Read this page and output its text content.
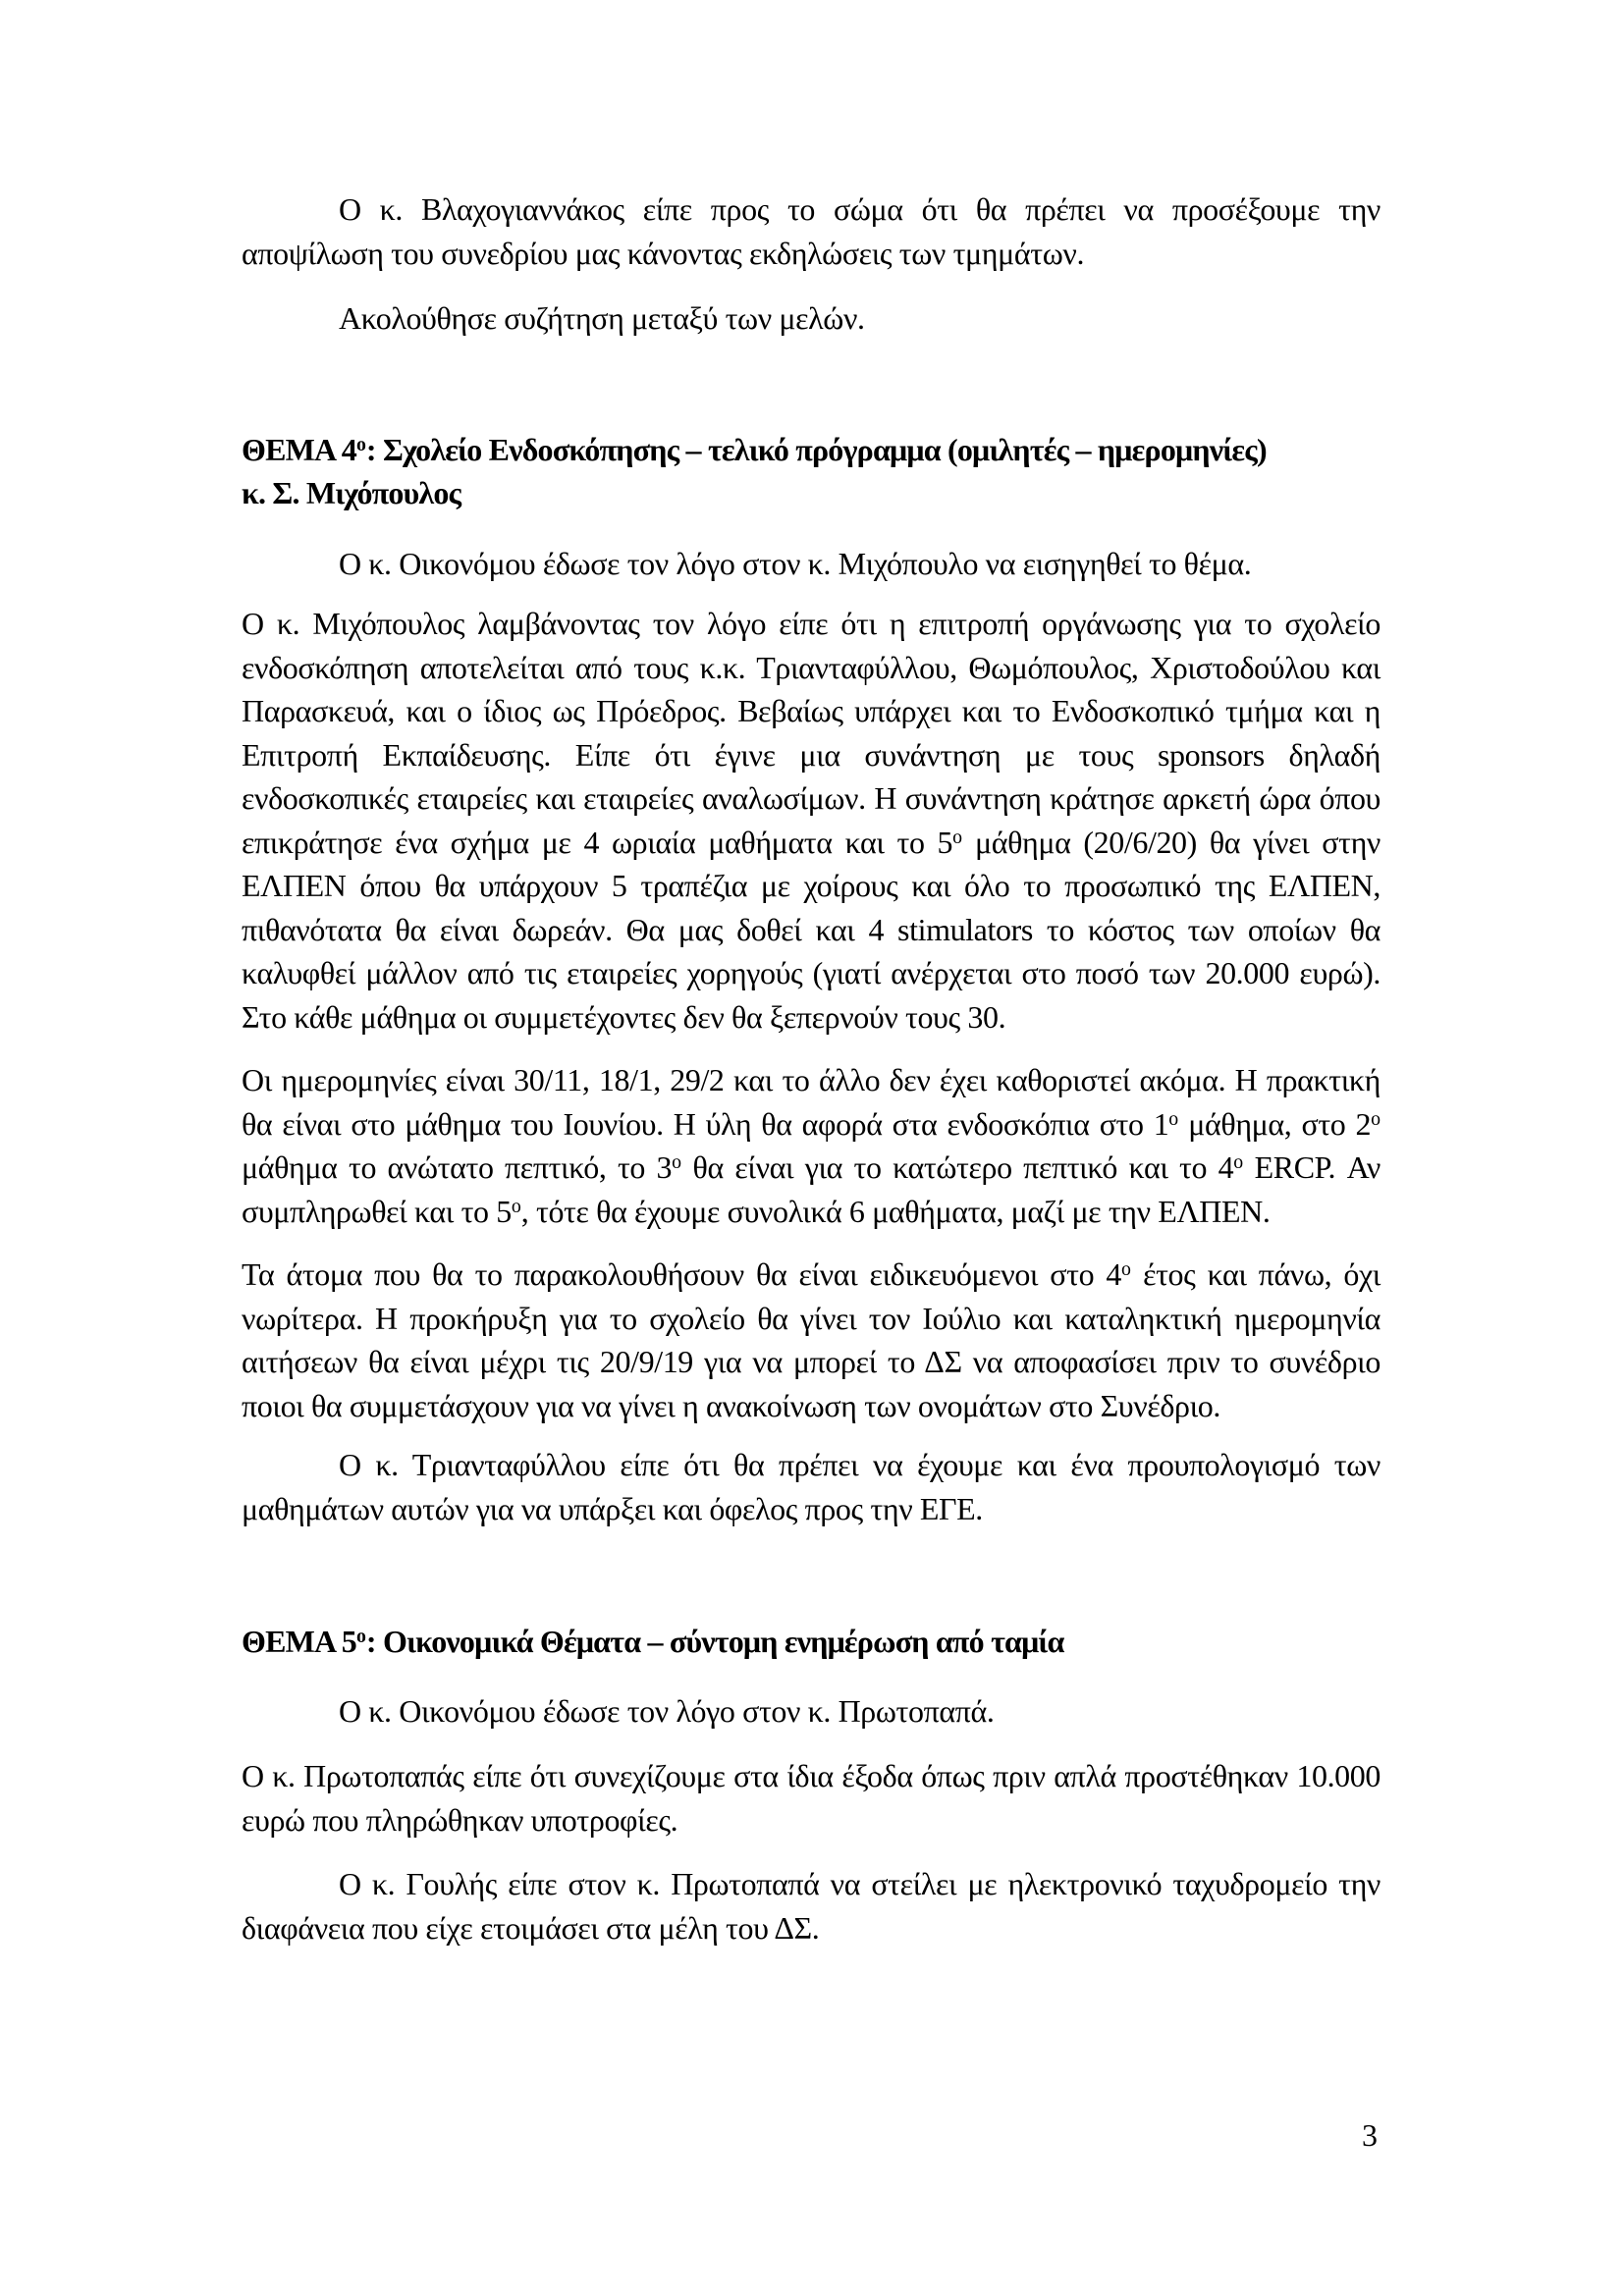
Ο κ. Βλαχογιαννάκος είπε προς το σώμα ότι θα πρέπει να προσέξουμε την αποψίλωση του συνεδρίου μας κάνοντας εκδηλώσεις των τμημάτων.

Ακολούθησε συζήτηση μεταξύ των μελών.

ΘΕΜΑ $4^o$: Σχολείο Ενδοσκόπησης – τελικό πρόγραμμα (ομιλητές – ημερομηνίες)

κ. Σ. Μιχόπουλος

Ο κ. Οικονόμου έδωσε τον λόγο στον κ. Μιχόπουλο να εισηγηθεί το θέμα.

Ο κ. Μιχόπουλος λαμβάνοντας τον λόγο είπε ότι η επιτροπή οργάνωσης για το σχολείο ενδοσκόπηση αποτελείται από τους κ.κ. Τριανταφύλλου, Θωμόπουλος, Χριστοδούλου και Παρασκευά, και ο ίδιος ως Πρόεδρος. Βεβαίως υπάρχει και το Ενδοσκοπικό τμήμα και η Επιτροπή Εκπαίδευσης. Είπε ότι έγινε μια συνάντηση με τους sponsors δηλαδή ενδοσκοπικές εταιρείες και εταιρείες αναλωσίμων. Η συνάντηση κράτησε αρκετή ώρα όπου επικράτησε ένα σχήμα με 4 ωριαία μαθήματα και το $5^o$ μάθημα (20/6/20) θα γίνει στην ΕΛΠΕΝ όπου θα υπάρχουν 5 τραπέζια με χοίρους και όλο το προσωπικό της ΕΛΠΕΝ, πιθανότατα θα είναι δωρεάν. Θα μας δοθεί και 4 stimulators το κόστος των οποίων θα καλυφθεί μάλλον από τις εταιρείες χορηγούς (γιατί ανέρχεται στο ποσό των 20.000 ευρώ). Στο κάθε μάθημα οι συμμετέχοντες δεν θα ξεπερνούν τους 30.

Οι ημερομηνίες είναι 30/11, 18/1, 29/2 και το άλλο δεν έχει καθοριστεί ακόμα. Η πρακτική θα είναι στο μάθημα του Ιουνίου. Η ύλη θα αφορά στα ενδοσκόπια στο $1^o$ μάθημα, στο $2^o$ μάθημα το ανώτατο πεπτικό, το $3^o$ θα είναι για το κατώτερο πεπτικό και το $4^o$ ERCP. Αν συμπληρωθεί και το $5^o$, τότε θα έχουμε συνολικά 6 μαθήματα, μαζί με την ΕΛΠΕΝ.

Τα άτομα που θα το παρακολουθήσουν θα είναι ειδικευόμενοι στο $4^o$ έτος και πάνω, όχι νωρίτερα. Η προκήρυξη για το σχολείο θα γίνει τον Ιούλιο και καταληκτική ημερομηνία αιτήσεων θα είναι μέχρι τις 20/9/19 για να μπορεί το ΔΣ να αποφασίσει πριν το συνέδριο ποιοι θα συμμετάσχουν για να γίνει η ανακοίνωση των ονομάτων στο Συνέδριο.

Ο κ. Τριανταφύλλου είπε ότι θα πρέπει να έχουμε και ένα προυπολογισμό των μαθημάτων αυτών για να υπάρξει και όφελος προς την ΕΓΕ.

ΘΕΜΑ $5^o$: Οικονομικά Θέματα – σύντομη ενημέρωση από ταμία

Ο κ. Οικονόμου έδωσε τον λόγο στον κ. Πρωτοπαπά.

Ο κ. Πρωτοπαπάς είπε ότι συνεχίζουμε στα ίδια έξοδα όπως πριν απλά προστέθηκαν 10.000 ευρώ που πληρώθηκαν υποτροφίες.

Ο κ. Γουλής είπε στον κ. Πρωτοπαπά να στείλει με ηλεκτρονικό ταχυδρομείο την διαφάνεια που είχε ετοιμάσει στα μέλη του ΔΣ.

3
